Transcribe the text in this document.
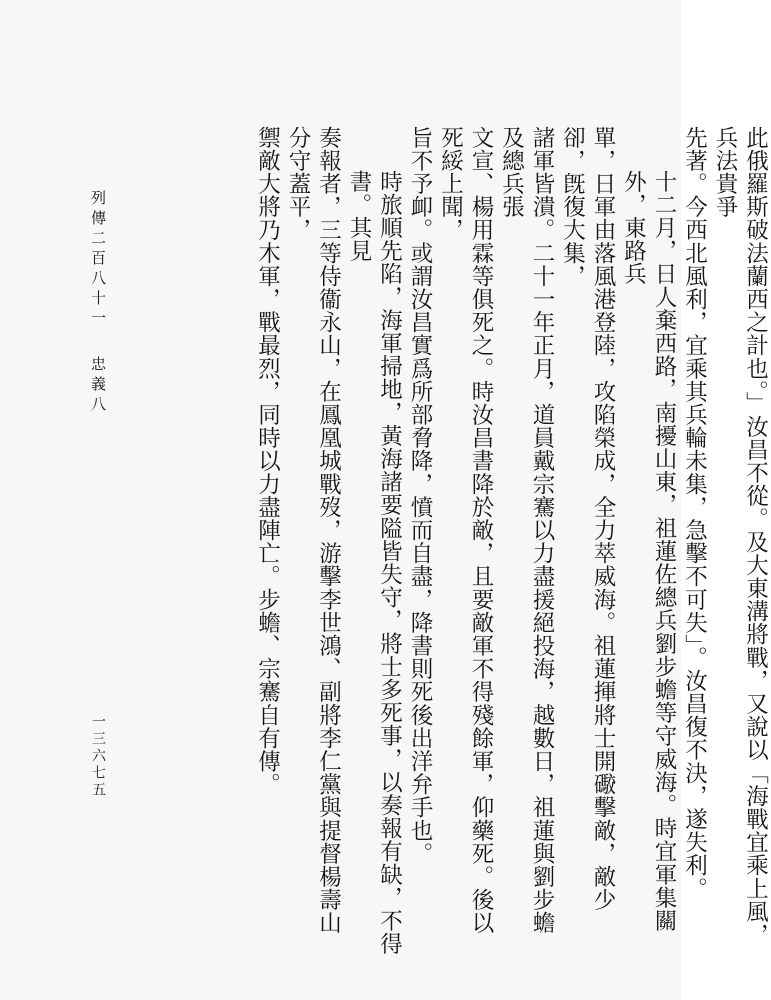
列傳二百八十一
忠義八
一三六七五	此俄羅斯破法蘭西之計也。」汝昌不從。及大東溝將戰，又說以「海戰宜乘上風，兵法貴爭

先著。今西北風利，宜乘其兵輪未集，急擊不可失」。汝昌復不決，遂失利。

十二月，日人棄西路，南擾山東，祖蓮佐總兵劉步蟾等守威海。時宜軍集關外，東路兵

單，日軍由落風港登陸，攻陷榮成，全力萃威海。祖蓮揮將士開礮擊敵，敵少卻，旣復大集，

諸軍皆潰。二十一年正月，道員戴宗騫以力盡援絕投海，越數日，祖蓮與劉步蟾及總兵張

文宣、楊用霖等俱死之。時汝昌書降於敵，且要敵軍不得殘餘軍，仰藥死。後以死綏上聞，

旨不予卹。或謂汝昌實爲所部脅降，憤而自盡，降書則死後出洋弁手也。

時旅順先陷，海軍掃地，黃海諸要隘皆失守，將士多死事，以奏報有缺，不得書。其見

奏報者，三等侍衞永山，在鳳凰城戰歿，游擊李世鴻、副將李仁黨與提督楊壽山分守蓋平，

禦敵大將乃木軍，戰最烈，同時以力盡陣亡。步蟾、宗騫自有傳。
